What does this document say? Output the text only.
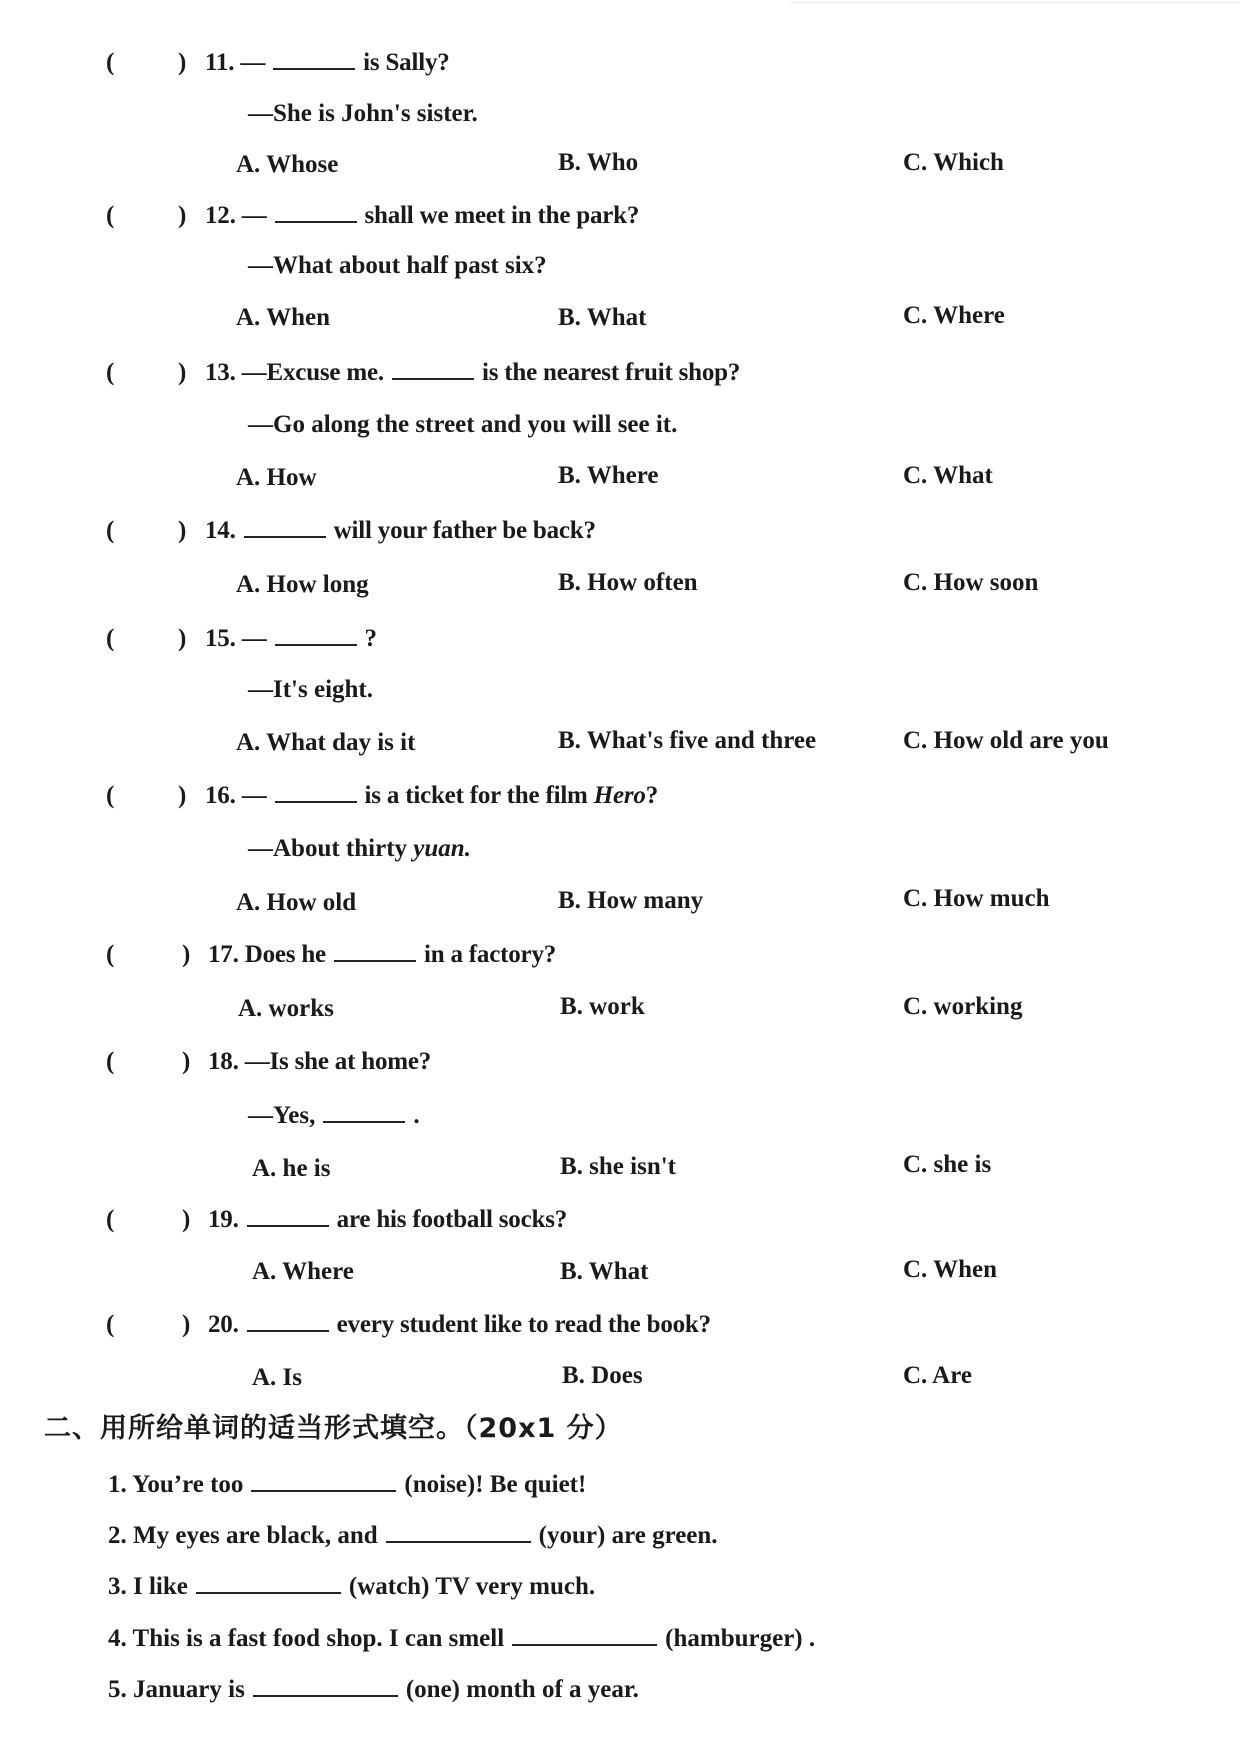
(	) 11. —	is Sally?
—She is John's sister.
A. Whose	B. Who	C. Which
(	) 12. —	shall we meet in the park?
—What about half past six?
A. When	B. What	C. Where
(	) 13. —Excuse me.	is the nearest fruit shop?
—Go along the street and you will see it.
A. How	B. Where	C. What
(	) 14.	will your father be back?
A. How long	B. How often	C. How soon
(	) 15. —	?
—It's eight.
A. What day is it	B. What's five and three	C. How old are you
(	) 16. —	is a ticket for the film Hero?
—About thirty yuan.
A. How old	B. How many	C. How much
(	) 17. Does he	in a factory?
A. works	B. work	C. working
(	) 18. —Is she at home?
—Yes,	.
A. he is	B. she isn't	C. she is
(	) 19.	are his football socks?
A. Where	B. What	C. When
(	) 20.	every student like to read the book?
A. Is	B. Does	C. Are
二、用所给单词的适当形式填空。（20x1 分）
1. You’re too	(noise)! Be quiet!
2. My eyes are black, and	(your) are green.
3. I like	(watch) TV very much.
4. This is a fast food shop. I can smell	(hamburger) .
5. January is	(one) month of a year.
